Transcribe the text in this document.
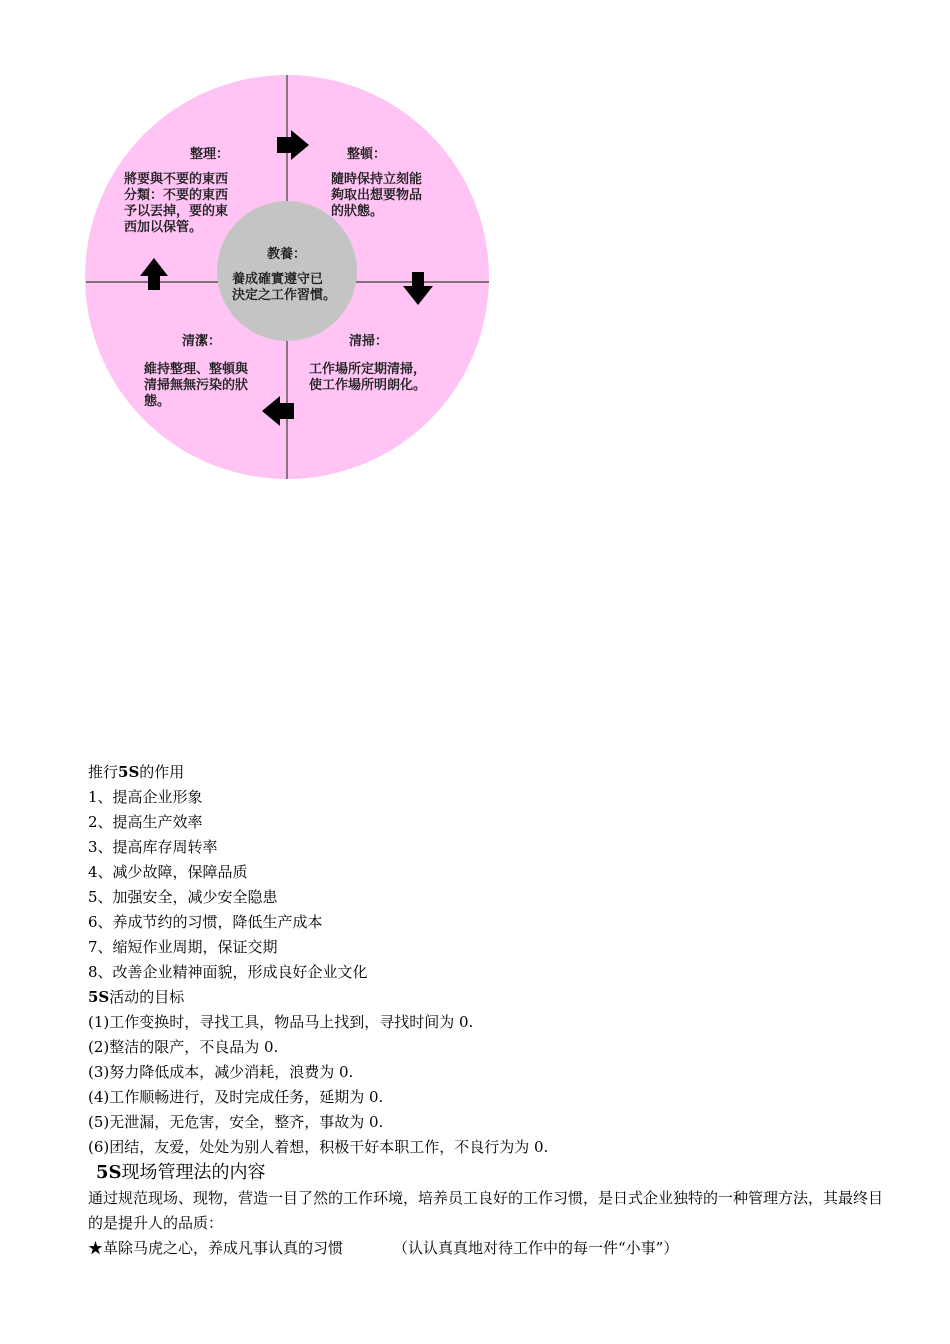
整理：
將要與不要的東西
分類：不要的東西
予以丟掉，要的東
西加以保管。
整頓：
隨時保持立刻能
夠取出想要物品
的狀態。
教養：
養成確實遵守已
決定之工作習慣。
清掃：
工作場所定期清掃，
使工作場所明朗化。
清潔：
維持整理、整頓與
清掃無無污染的狀
態。
推行5S的作用
1、提高企业形象
2、提高生产效率
3、提高库存周转率
4、减少故障，保障品质
5、加强安全，减少安全隐患
6、养成节约的习惯，降低生产成本
7、缩短作业周期，保证交期
8、改善企业精神面貌，形成良好企业文化
5S活动的目标
(1)工作变换时，寻找工具，物品马上找到，寻找时间为 0.
(2)整洁的限产，不良品为 0.
(3)努力降低成本，减少消耗，浪费为 0.
(4)工作顺畅进行，及时完成任务，延期为 0.
(5)无泄漏，无危害，安全，整齐，事故为 0.
(6)团结，友爱，处处为别人着想，积极干好本职工作，不良行为为 0.
5S现场管理法的内容
通过规范现场、现物，营造一目了然的工作环境，培养员工良好的工作习惯，是日式企业独特的一种管理方法，其最终目的是提升人的品质：
★革除马虎之心，养成凡事认真的习惯	（认认真真地对待工作中的每一件“小事”）
